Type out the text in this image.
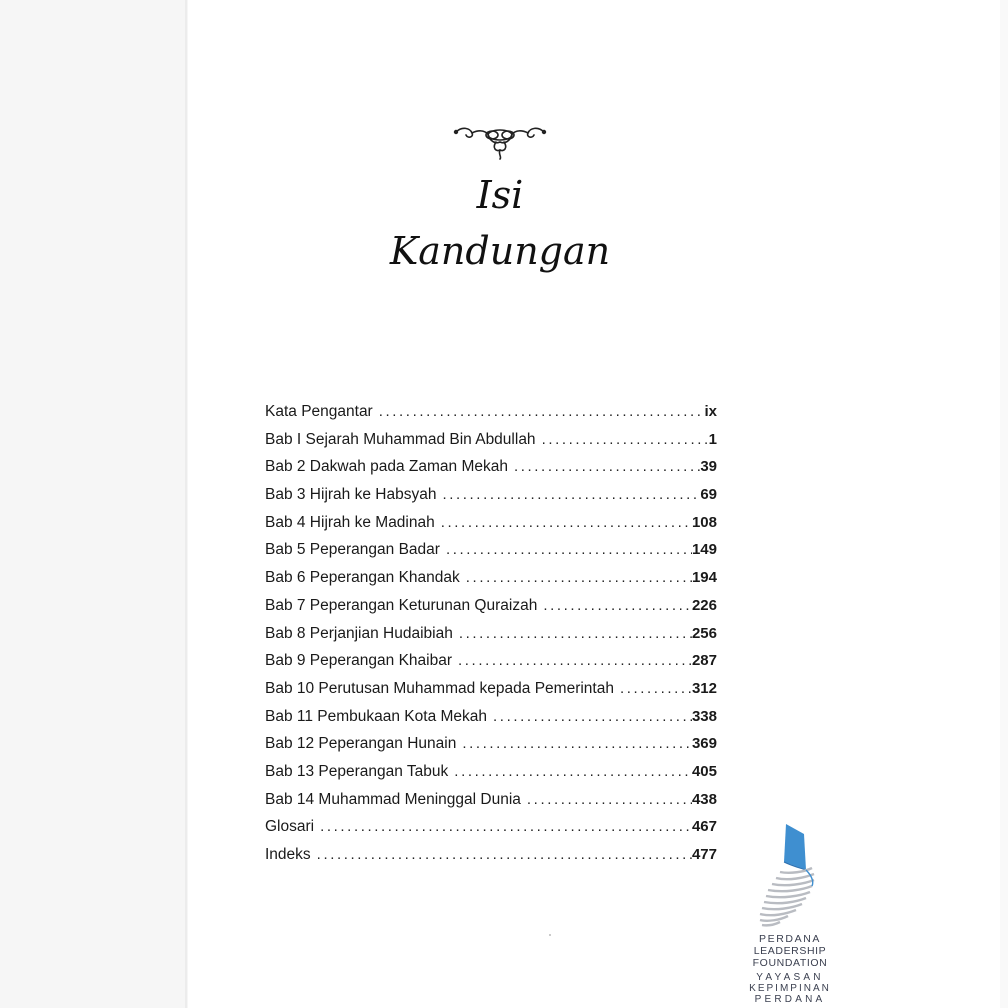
Isi
Kandungan
Kata Pengantar .....	ix
Bab I Sejarah Muhammad Bin Abdullah .....	1
Bab 2 Dakwah pada Zaman Mekah .....	39
Bab 3 Hijrah ke Habsyah .....	69
Bab 4 Hijrah ke Madinah .....	108
Bab 5 Peperangan Badar .....	149
Bab 6 Peperangan Khandak .....	194
Bab 7 Peperangan Keturunan Quraizah .....	226
Bab 8 Perjanjian Hudaibiah .....	256
Bab 9 Peperangan Khaibar .....	287
Bab 10 Perutusan Muhammad kepada Pemerintah .....	312
Bab 11 Pembukaan Kota Mekah .....	338
Bab 12 Peperangan Hunain .....	369
Bab 13 Peperangan Tabuk .....	405
Bab 14 Muhammad Meninggal Dunia .....	438
Glosari .....	467
Indeks .....	477
PERDANA
LEADERSHIP
FOUNDATION
YAYASAN
KEPIMPINAN
PERDANA
